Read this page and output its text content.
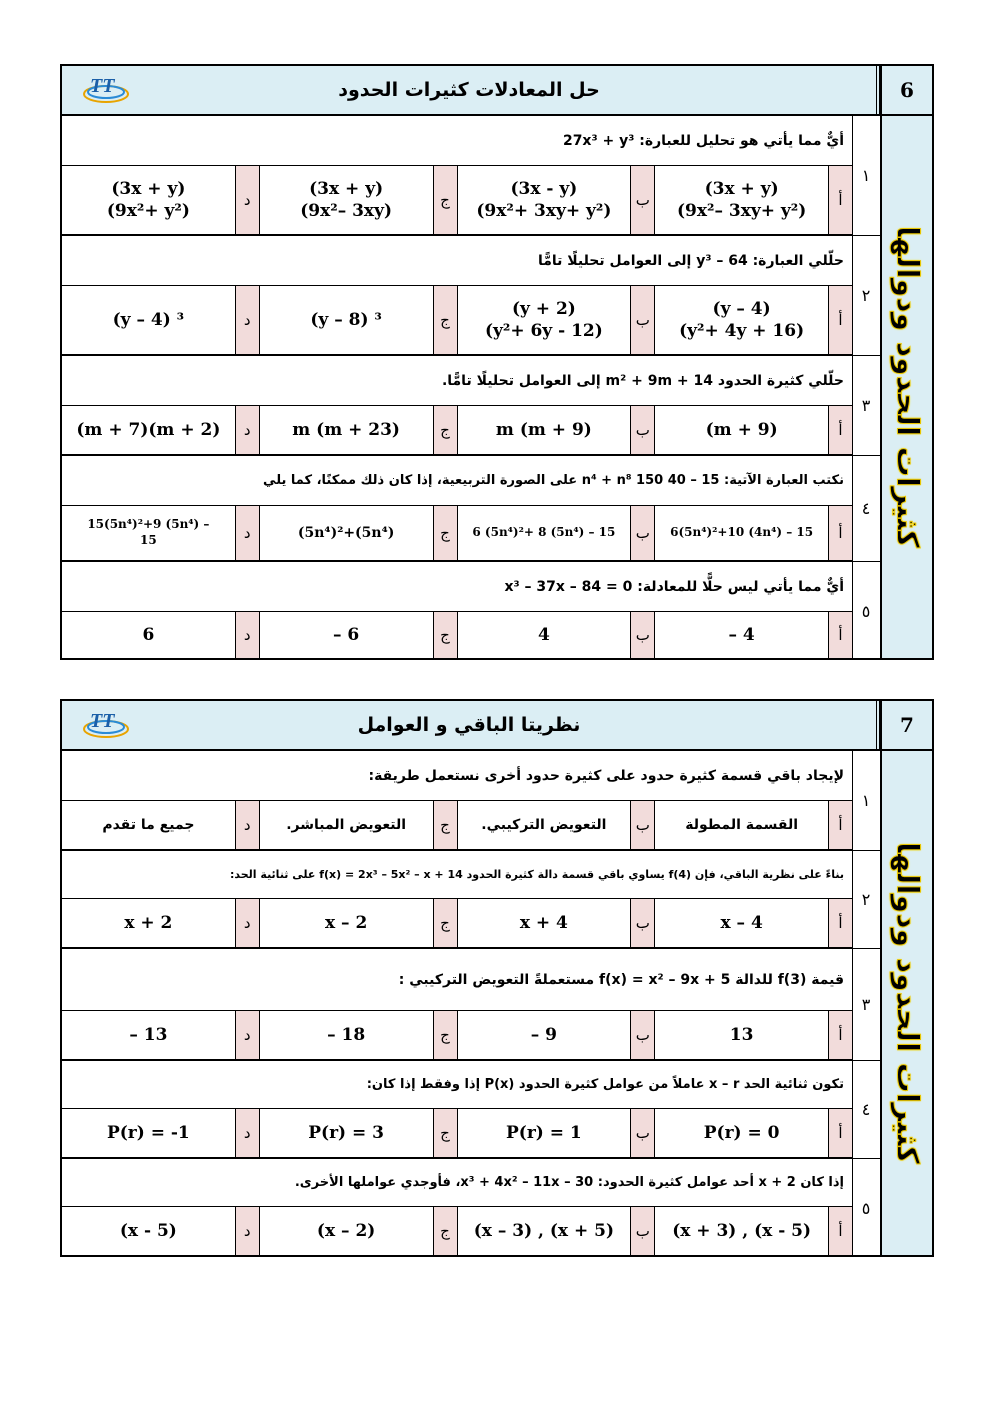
حل المعادلات كثيرات الحدود	6
TT
كثيرات الحدود ودوالها
١
٢
٣
٤
٥
أيٌّ مما يأتي هو تحليل للعبارة: 27x³ + y³
أ
(3x + y)
(9x²– 3xy+ y²)
ب
(3x - y)
(9x²+ 3xy+ y²)
ج
(3x + y)
(9x²– 3xy)
د
(3x + y)
(9x²+ y²)
حلّلي العبارة: 64 – y³ إلى العوامل تحليلًا تامًّا
أ
(y – 4)
(y²+ 4y + 16)
ب
(y + 2)
(y²+ 6y - 12)
ج
(y – 8) ³
د
(y – 4) ³
حلّلي كثيرة الحدود m² + 9m + 14 إلى العوامل تحليلًا تامًّا.
أ
(m + 9)
ب
m (m + 9)
ج
m (m + 23)
د
(m + 7)(m + 2)
نكتب العبارة الآتية: 15 – 40 n⁴ + n⁸ 150 على الصورة التربيعية، إذا كان ذلك ممكنًا، كما يلي
أ
6(5n⁴)²+10 (4n⁴) – 15
ب
6 (5n⁴)²+ 8 (5n⁴) – 15
ج
(5n⁴)²+(5n⁴)
د
15(5n⁴)²+9 (5n⁴) –
15
أيٌّ مما يأتي ليس حلًّا للمعادلة: x³ – 37x – 84 = 0
أ
– 4
ب
4
ج
– 6
د
6
نظريتا الباقي و العوامل	7
TT
كثيرات الحدود ودوالها
١
٢
٣
٤
٥
لإيجاد باقي قسمة كثيرة حدود على كثيرة حدود أخرى نستعمل طريقة:
أ
القسمة المطولة
ب
التعويض التركيبي.
ج
التعويض المباشر.
د
جميع ما تقدم
بناءً على نظرية الباقي، فإن f(4) يساوي باقي قسمة دالة كثيرة الحدود f(x) = 2x³ – 5x² – x + 14 على ثنائية الحد:
أ
x – 4
ب
x + 4
ج
x – 2
د
x + 2
قيمة f(3) للدالة f(x) = x² – 9x + 5 مستعملةً التعويض التركيبي :
أ
13
ب
– 9
ج
– 18
د
– 13
تكون ثنائية الحد x – r عاملاً من عوامل كثيرة الحدود P(x) إذا وفقط إذا كان:
أ
P(r) = 0
ب
P(r) = 1
ج
P(r) = 3
د
P(r) = -1
إذا كان x + 2 أحد عوامل كثيرة الحدود: x³ + 4x² – 11x – 30، فأوجدي عواملها الأخرى.
أ
(x + 3) , (x - 5)
ب
(x – 3) , (x + 5)
ج
(x – 2)
د
(x - 5)
